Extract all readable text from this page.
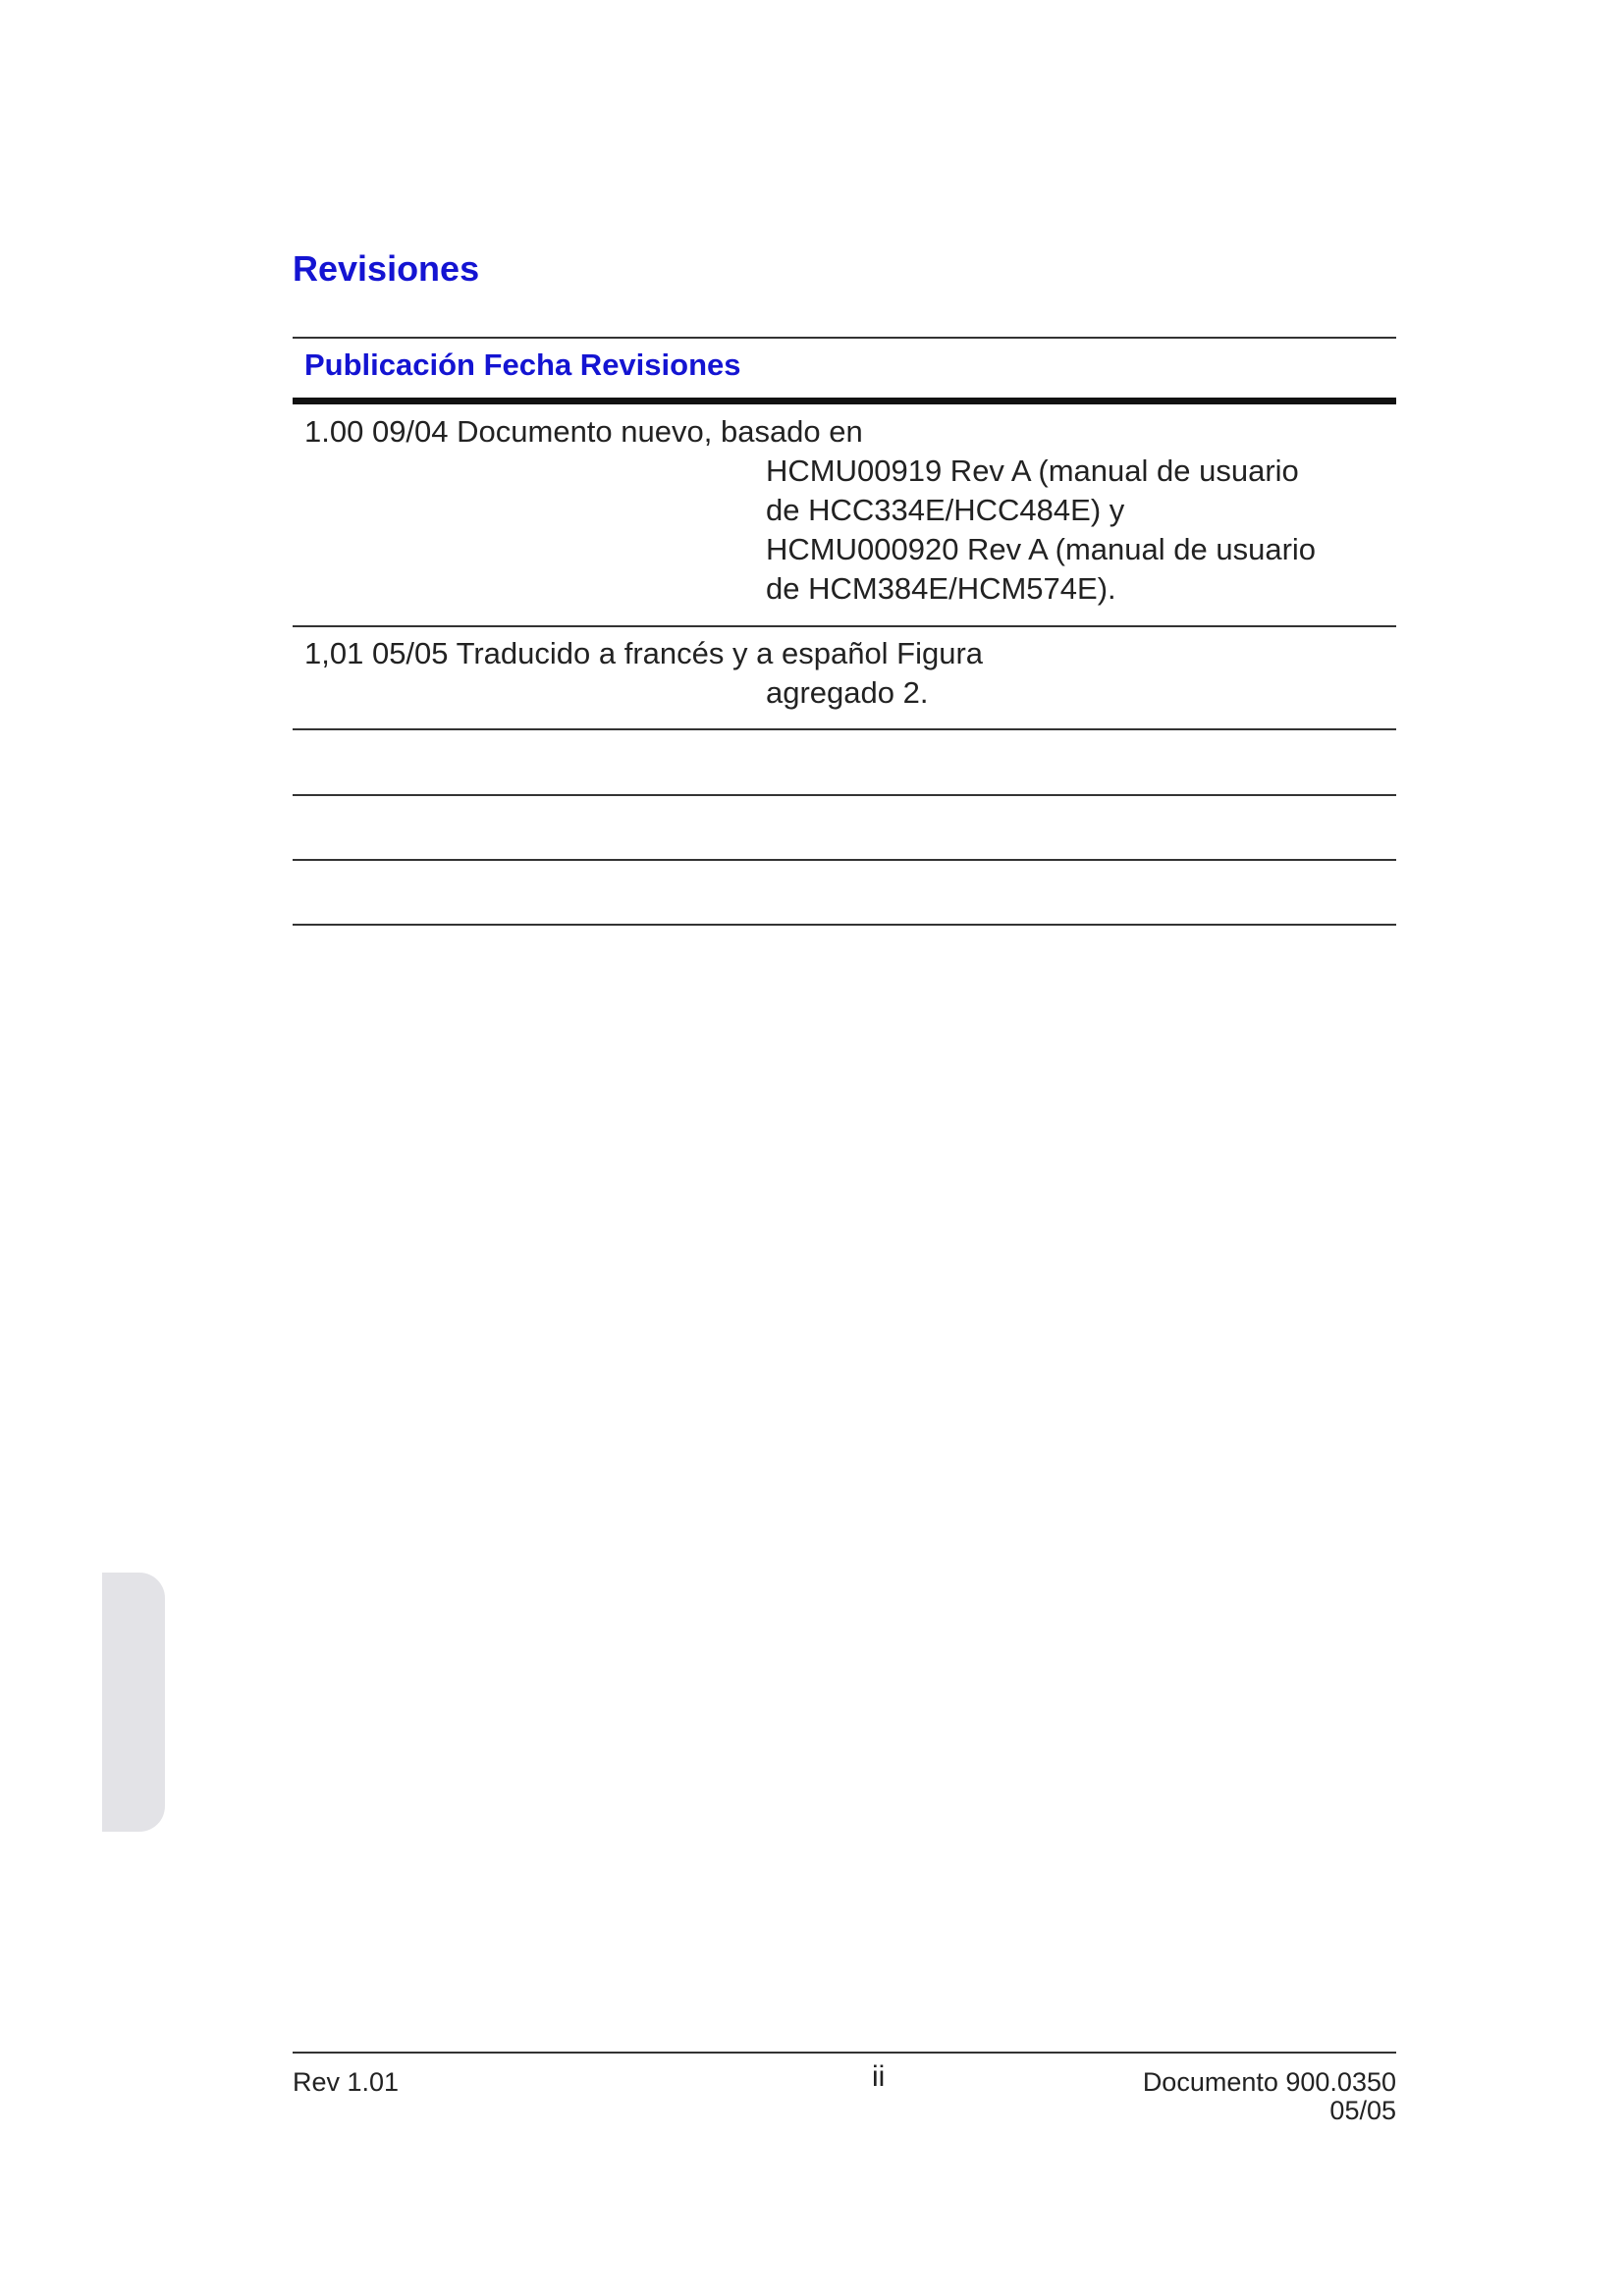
Revisiones
Publicación Fecha Revisiones
1.00 09/04 Documento nuevo, basado en
HCMU00919 Rev A (manual de usuario
de HCC334E/HCC484E) y
HCMU000920 Rev A (manual de usuario
de HCM384E/HCM574E).
1,01 05/05 Traducido a francés y a español Figura
agregado 2.
Rev 1.01	ii	Documento 900.0350
05/05
